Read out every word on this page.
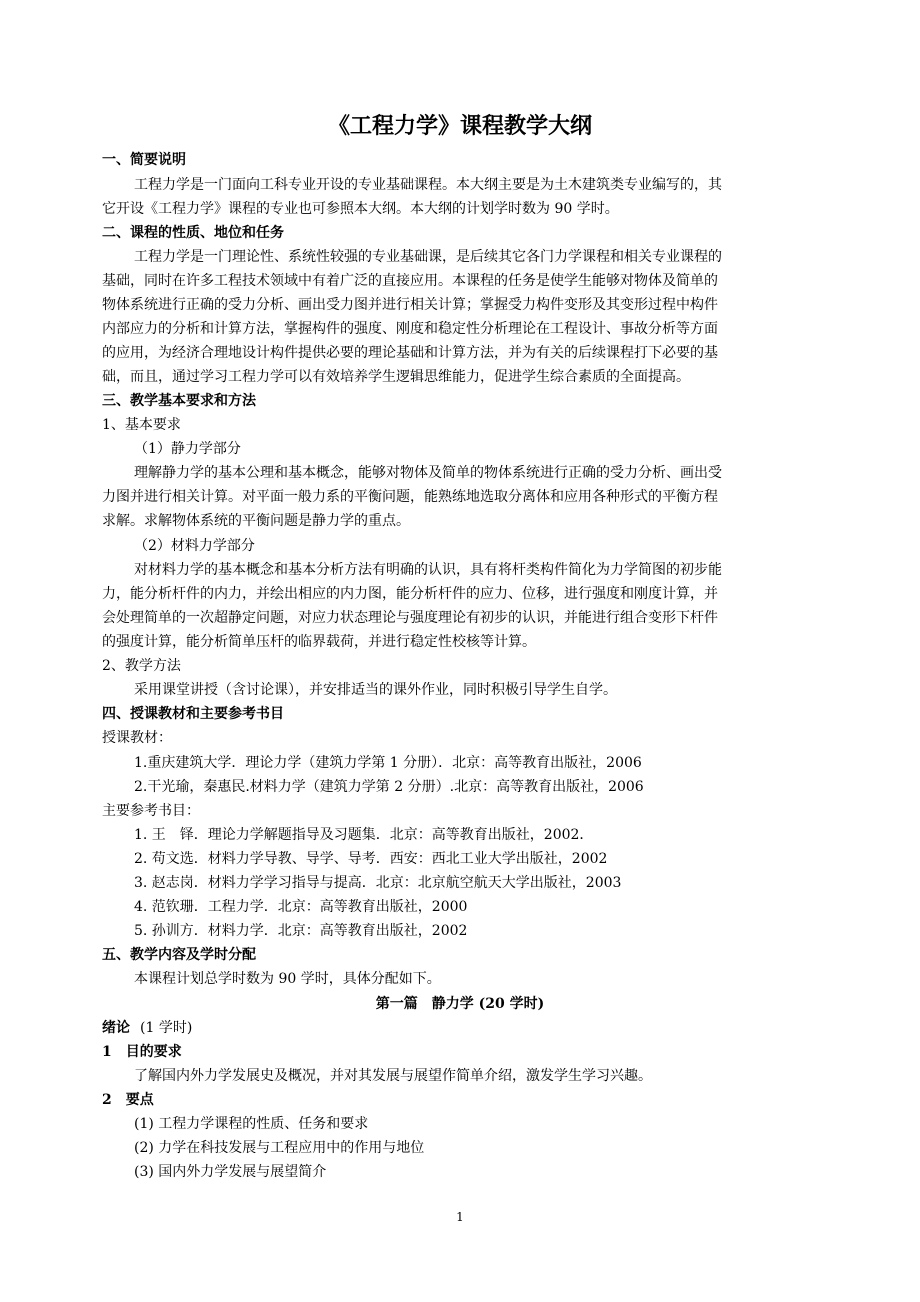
《工程力学》课程教学大纲
一、简要说明
工程力学是一门面向工科专业开设的专业基础课程。本大纲主要是为土木建筑类专业编写的，其
它开设《工程力学》课程的专业也可参照本大纲。本大纲的计划学时数为 90 学时。
二、课程的性质、地位和任务
工程力学是一门理论性、系统性较强的专业基础课，是后续其它各门力学课程和相关专业课程的
基础，同时在许多工程技术领域中有着广泛的直接应用。本课程的任务是使学生能够对物体及简单的
物体系统进行正确的受力分析、画出受力图并进行相关计算；掌握受力构件变形及其变形过程中构件
内部应力的分析和计算方法，掌握构件的强度、刚度和稳定性分析理论在工程设计、事故分析等方面
的应用，为经济合理地设计构件提供必要的理论基础和计算方法，并为有关的后续课程打下必要的基
础，而且，通过学习工程力学可以有效培养学生逻辑思维能力，促进学生综合素质的全面提高。
三、教学基本要求和方法
1、基本要求
（1）静力学部分
理解静力学的基本公理和基本概念，能够对物体及简单的物体系统进行正确的受力分析、画出受
力图并进行相关计算。对平面一般力系的平衡问题，能熟练地选取分离体和应用各种形式的平衡方程
求解。求解物体系统的平衡问题是静力学的重点。
（2）材料力学部分
对材料力学的基本概念和基本分析方法有明确的认识，具有将杆类构件简化为力学简图的初步能
力，能分析杆件的内力，并绘出相应的内力图，能分析杆件的应力、位移，进行强度和刚度计算，并
会处理简单的一次超静定问题，对应力状态理论与强度理论有初步的认识，并能进行组合变形下杆件
的强度计算，能分析简单压杆的临界载荷，并进行稳定性校核等计算。
2、教学方法
采用课堂讲授（含讨论课），并安排适当的课外作业，同时积极引导学生自学。
四、授课教材和主要参考书目
授课教材：
1.重庆建筑大学．理论力学（建筑力学第 1 分册）．北京：高等教育出版社，2006
2.干光瑜，秦惠民.材料力学（建筑力学第 2 分册）.北京：高等教育出版社，2006
主要参考书目：
1. 王　铎．理论力学解题指导及习题集．北京：高等教育出版社，2002．
2. 苟文选．材料力学导教、导学、导考．西安：西北工业大学出版社，2002
3. 赵志岗．材料力学学习指导与提高．北京：北京航空航天大学出版社，2003
4. 范钦珊．工程力学．北京：高等教育出版社，2000
5. 孙训方．材料力学．北京：高等教育出版社，2002
五、教学内容及学时分配
本课程计划总学时数为 90 学时，具体分配如下。
第一篇　静力学 (20 学时)
绪论 (1 学时)
1　目的要求
了解国内外力学发展史及概况，并对其发展与展望作简单介绍，激发学生学习兴趣。
2　要点
(1) 工程力学课程的性质、任务和要求
(2) 力学在科技发展与工程应用中的作用与地位
(3) 国内外力学发展与展望简介
1
